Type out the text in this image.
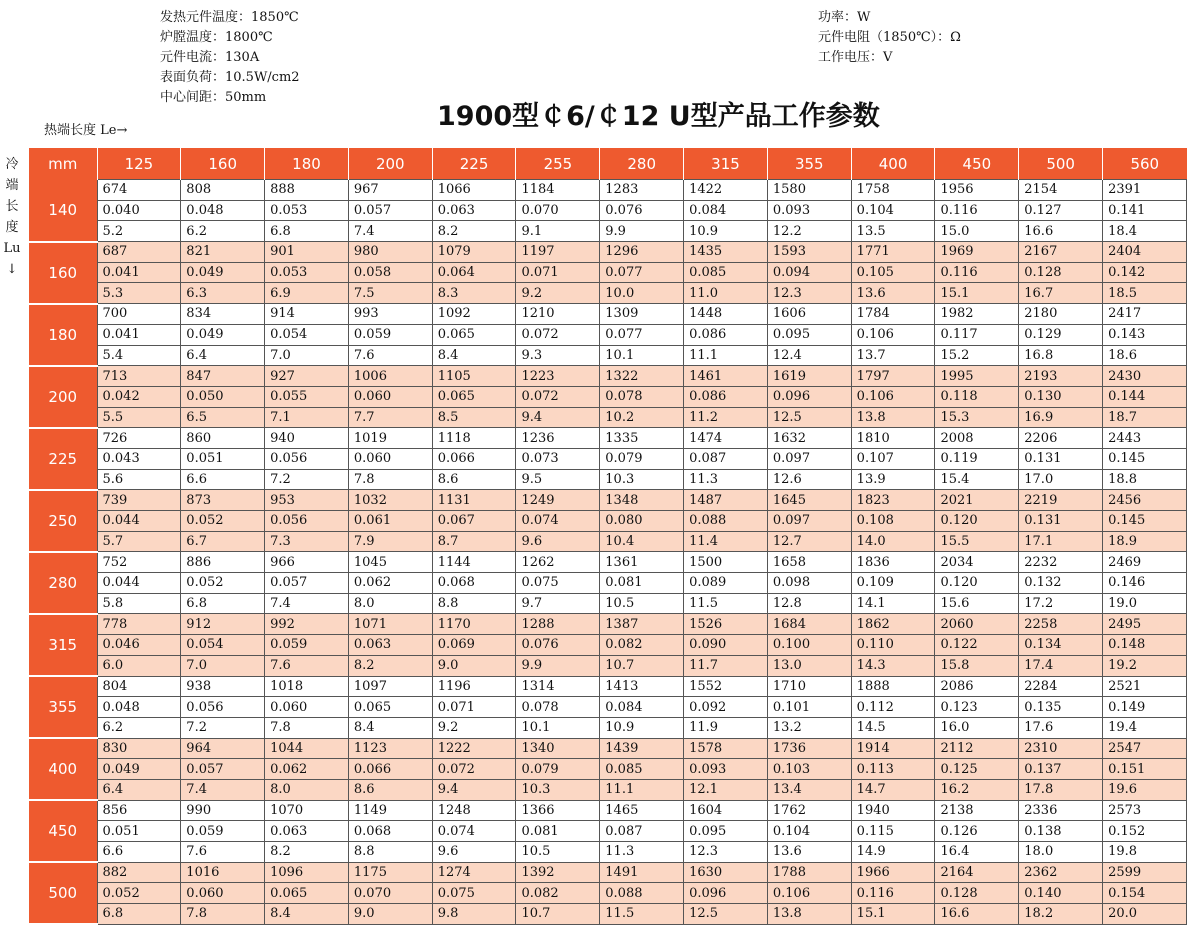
发热元件温度：1850℃
炉膛温度：1800℃
元件电流：130A
表面负荷：10.5W/cm2
中心间距：50mm
功率：W
元件电阻（1850℃）：Ω
工作电压：V
1900型￠6/￠12 U型产品工作参数
热端长度 Le→
冷
端
长
度
Lu
↓
mm	125	160	180	200	225	255	280	315	355	400	450	500	560
140	674	808	888	967	1066	1184	1283	1422	1580	1758	1956	2154	2391
	0.040	0.048	0.053	0.057	0.063	0.070	0.076	0.084	0.093	0.104	0.116	0.127	0.141
	5.2	6.2	6.8	7.4	8.2	9.1	9.9	10.9	12.2	13.5	15.0	16.6	18.4
160	687	821	901	980	1079	1197	1296	1435	1593	1771	1969	2167	2404
	0.041	0.049	0.053	0.058	0.064	0.071	0.077	0.085	0.094	0.105	0.116	0.128	0.142
	5.3	6.3	6.9	7.5	8.3	9.2	10.0	11.0	12.3	13.6	15.1	16.7	18.5
180	700	834	914	993	1092	1210	1309	1448	1606	1784	1982	2180	2417
	0.041	0.049	0.054	0.059	0.065	0.072	0.077	0.086	0.095	0.106	0.117	0.129	0.143
	5.4	6.4	7.0	7.6	8.4	9.3	10.1	11.1	12.4	13.7	15.2	16.8	18.6
200	713	847	927	1006	1105	1223	1322	1461	1619	1797	1995	2193	2430
	0.042	0.050	0.055	0.060	0.065	0.072	0.078	0.086	0.096	0.106	0.118	0.130	0.144
	5.5	6.5	7.1	7.7	8.5	9.4	10.2	11.2	12.5	13.8	15.3	16.9	18.7
225	726	860	940	1019	1118	1236	1335	1474	1632	1810	2008	2206	2443
	0.043	0.051	0.056	0.060	0.066	0.073	0.079	0.087	0.097	0.107	0.119	0.131	0.145
	5.6	6.6	7.2	7.8	8.6	9.5	10.3	11.3	12.6	13.9	15.4	17.0	18.8
250	739	873	953	1032	1131	1249	1348	1487	1645	1823	2021	2219	2456
	0.044	0.052	0.056	0.061	0.067	0.074	0.080	0.088	0.097	0.108	0.120	0.131	0.145
	5.7	6.7	7.3	7.9	8.7	9.6	10.4	11.4	12.7	14.0	15.5	17.1	18.9
280	752	886	966	1045	1144	1262	1361	1500	1658	1836	2034	2232	2469
	0.044	0.052	0.057	0.062	0.068	0.075	0.081	0.089	0.098	0.109	0.120	0.132	0.146
	5.8	6.8	7.4	8.0	8.8	9.7	10.5	11.5	12.8	14.1	15.6	17.2	19.0
315	778	912	992	1071	1170	1288	1387	1526	1684	1862	2060	2258	2495
	0.046	0.054	0.059	0.063	0.069	0.076	0.082	0.090	0.100	0.110	0.122	0.134	0.148
	6.0	7.0	7.6	8.2	9.0	9.9	10.7	11.7	13.0	14.3	15.8	17.4	19.2
355	804	938	1018	1097	1196	1314	1413	1552	1710	1888	2086	2284	2521
	0.048	0.056	0.060	0.065	0.071	0.078	0.084	0.092	0.101	0.112	0.123	0.135	0.149
	6.2	7.2	7.8	8.4	9.2	10.1	10.9	11.9	13.2	14.5	16.0	17.6	19.4
400	830	964	1044	1123	1222	1340	1439	1578	1736	1914	2112	2310	2547
	0.049	0.057	0.062	0.066	0.072	0.079	0.085	0.093	0.103	0.113	0.125	0.137	0.151
	6.4	7.4	8.0	8.6	9.4	10.3	11.1	12.1	13.4	14.7	16.2	17.8	19.6
450	856	990	1070	1149	1248	1366	1465	1604	1762	1940	2138	2336	2573
	0.051	0.059	0.063	0.068	0.074	0.081	0.087	0.095	0.104	0.115	0.126	0.138	0.152
	6.6	7.6	8.2	8.8	9.6	10.5	11.3	12.3	13.6	14.9	16.4	18.0	19.8
500	882	1016	1096	1175	1274	1392	1491	1630	1788	1966	2164	2362	2599
	0.052	0.060	0.065	0.070	0.075	0.082	0.088	0.096	0.106	0.116	0.128	0.140	0.154
	6.8	7.8	8.4	9.0	9.8	10.7	11.5	12.5	13.8	15.1	16.6	18.2	20.0
